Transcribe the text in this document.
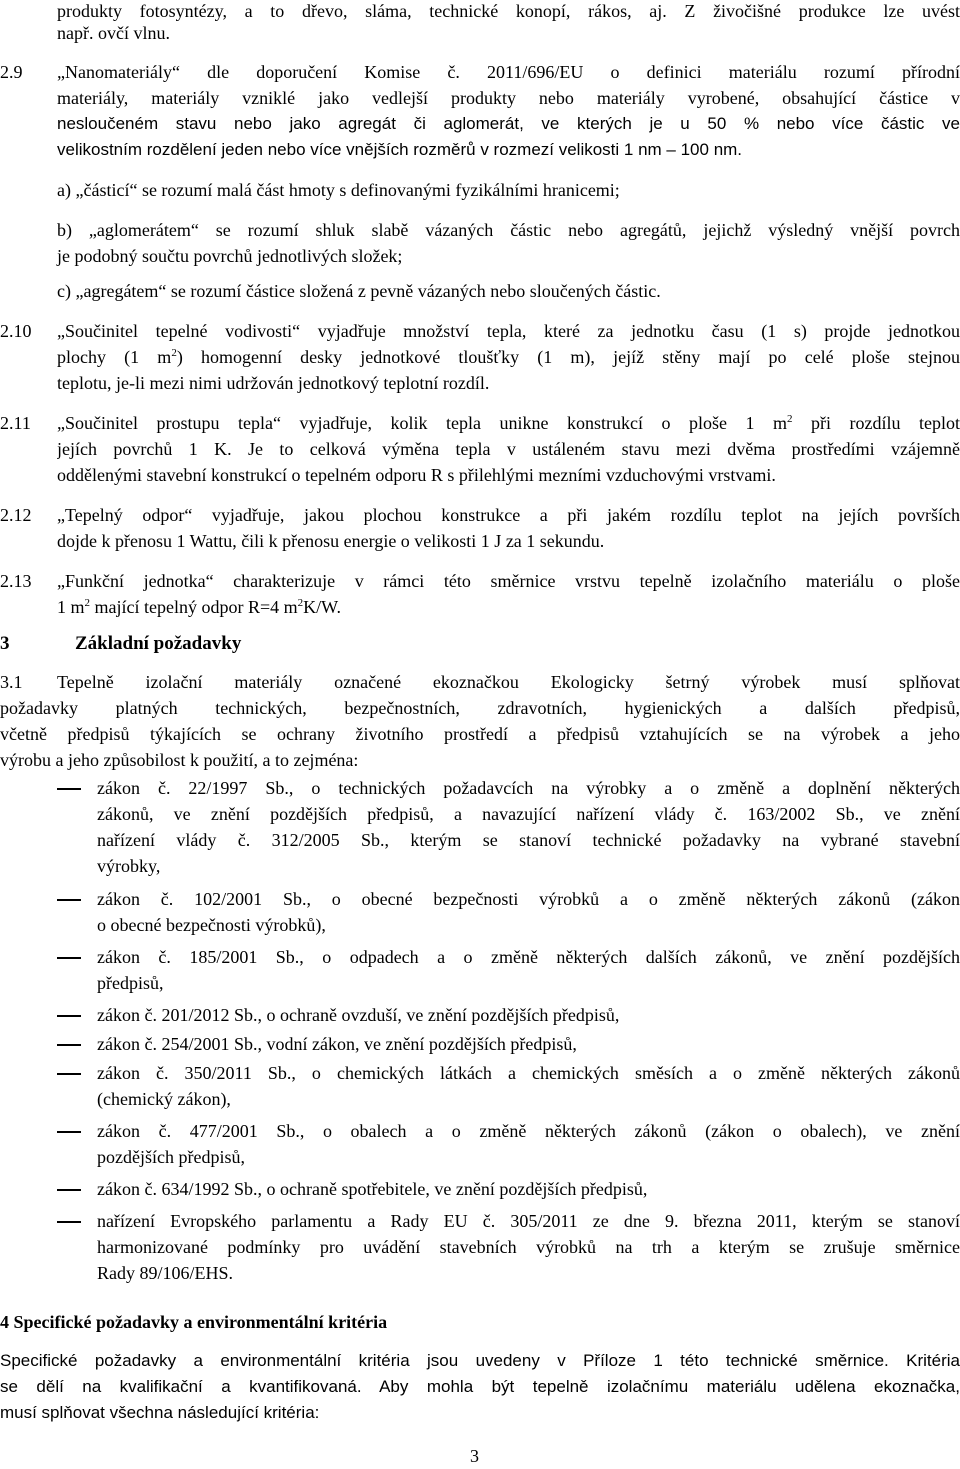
produkty fotosyntézy, a to dřevo, sláma, technické konopí, rákos, aj. Z živočišné produkce lze uvést
např. ovčí vlnu.
2.9 „Nanomateriály“ dle doporučení Komise č. 2011/696/EU o definici materiálu rozumí přírodní
materiály, materiály vzniklé jako vedlejší produkty nebo materiály vyrobené, obsahující částice v
nesloučeném stavu nebo jako agregát či aglomerát, ve kterých je u 50 % nebo více částic ve
velikostním rozdělení jeden nebo více vnějších rozměrů v rozmezí velikosti 1 nm – 100 nm.
a) „částicí“ se rozumí malá část hmoty s definovanými fyzikálními hranicemi;
b) „aglomerátem“ se rozumí shluk slabě vázaných částic nebo agregátů, jejichž výsledný vnější povrch
je podobný součtu povrchů jednotlivých složek;
c) „agregátem“ se rozumí částice složená z pevně vázaných nebo sloučených částic.
2.10 „Součinitel tepelné vodivosti“ vyjadřuje množství tepla, které za jednotku času (1 s) projde jednotkou
plochy (1 $m^2$) homogenní desky jednotkové tloušťky (1 m), jejíž stěny mají po celé ploše stejnou
teplotu, je-li mezi nimi udržován jednotkový teplotní rozdíl.
2.11 „Součinitel prostupu tepla“ vyjadřuje, kolik tepla unikne konstrukcí o ploše 1 $m^2$ při rozdílu teplot
jejích povrchů 1 K. Je to celková výměna tepla v ustáleném stavu mezi dvěma prostředími vzájemně
oddělenými stavební konstrukcí o tepelném odporu R s přilehlými mezními vzduchovými vrstvami.
2.12 „Tepelný odpor“ vyjadřuje, jakou plochou konstrukce a při jakém rozdílu teplot na jejích površích
dojde k přenosu 1 Wattu, čili k přenosu energie o velikosti 1 J za 1 sekundu.
2.13 „Funkční jednotka“ charakterizuje v rámci této směrnice vrstvu tepelně izolačního materiálu o ploše
1 $m^2$ mající tepelný odpor R=4 $m^2K/W$.
3	Základní požadavky
3.1 Tepelně izolační materiály označené ekoznačkou Ekologicky šetrný výrobek musí splňovat
požadavky platných technických, bezpečnostních, zdravotních, hygienických a dalších předpisů,
včetně předpisů týkajících se ochrany životního prostředí a předpisů vztahujících se na výrobek a jeho
výrobu a jeho způsobilost k použití, a to zejména:
zákon č. 22/1997 Sb., o technických požadavcích na výrobky a o změně a doplnění některých
zákonů, ve znění pozdějších předpisů, a navazující nařízení vlády č. 163/2002 Sb., ve znění
nařízení vlády č. 312/2005 Sb., kterým se stanoví technické požadavky na vybrané stavební
výrobky,
zákon č. 102/2001 Sb., o obecné bezpečnosti výrobků a o změně některých zákonů (zákon
o obecné bezpečnosti výrobků),
zákon č. 185/2001 Sb., o odpadech a o změně některých dalších zákonů, ve znění pozdějších
předpisů,
zákon č. 201/2012 Sb., o ochraně ovzduší, ve znění pozdějších předpisů,
zákon č. 254/2001 Sb., vodní zákon, ve znění pozdějších předpisů,
zákon č. 350/2011 Sb., o chemických látkách a chemických směsích a o změně některých zákonů
(chemický zákon),
zákon č. 477/2001 Sb., o obalech a o změně některých zákonů (zákon o obalech), ve znění
pozdějších předpisů,
zákon č. 634/1992 Sb., o ochraně spotřebitele, ve znění pozdějších předpisů,
nařízení Evropského parlamentu a Rady EU č. 305/2011 ze dne 9. března 2011, kterým se stanoví
harmonizované podmínky pro uvádění stavebních výrobků na trh a kterým se zrušuje směrnice
Rady 89/106/EHS.
4 Specifické požadavky a environmentální kritéria
Specifické požadavky a environmentální kritéria jsou uvedeny v Příloze 1 této technické směrnice. Kritéria
se dělí na kvalifikační a kvantifikovaná. Aby mohla být tepelně izolačnímu materiálu udělena ekoznačka,
musí splňovat všechna následující kritéria:
3
